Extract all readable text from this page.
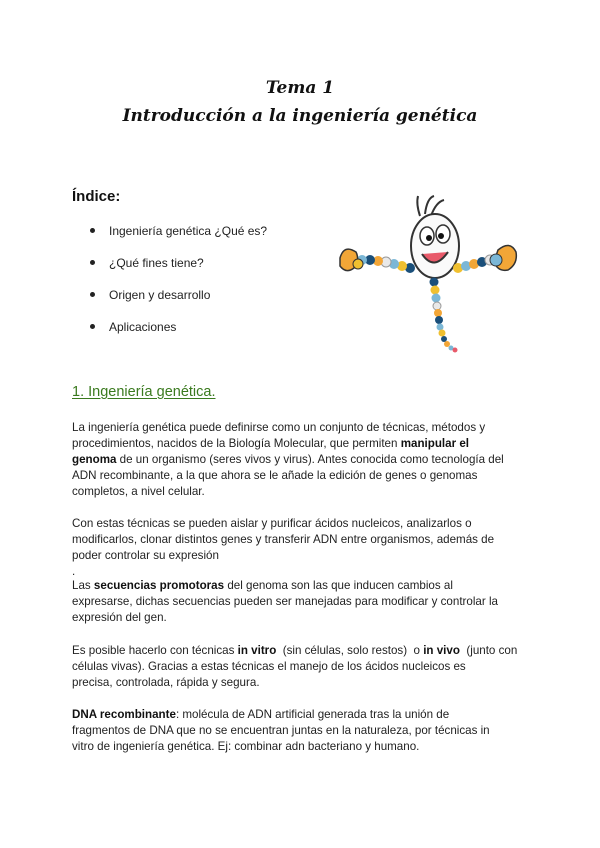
Tema 1
Introducción a la ingeniería genética
Índice:
Ingeniería genética ¿Qué es?
¿Qué fines tiene?
Origen y desarrollo
Aplicaciones
1. Ingeniería genética.

La ingeniería genética puede definirse como un conjunto de técnicas, métodos y
procedimientos, nacidos de la Biología Molecular, que permiten manipular el
genoma de un organismo (seres vivos y virus). Antes conocida como tecnología del
ADN recombinante, a la que ahora se le añade la edición de genes o genomas
completos, a nivel celular.

Con estas técnicas se pueden aislar y purificar ácidos nucleicos, analizarlos o
modificarlos, clonar distintos genes y transferir ADN entre organismos, además de
poder controlar su expresión
.

Las secuencias promotoras del genoma son las que inducen cambios al
expresarse, dichas secuencias pueden ser manejadas para modificar y controlar la
expresión del gen.

Es posible hacerlo con técnicas in vitro  (sin células, solo restos)  o in vivo  (junto con
células vivas). Gracias a estas técnicas el manejo de los ácidos nucleicos es
precisa, controlada, rápida y segura.

DNA recombinante: molécula de ADN artificial generada tras la unión de
fragmentos de DNA que no se encuentran juntas en la naturaleza, por técnicas in
vitro de ingeniería genética. Ej: combinar adn bacteriano y humano.
